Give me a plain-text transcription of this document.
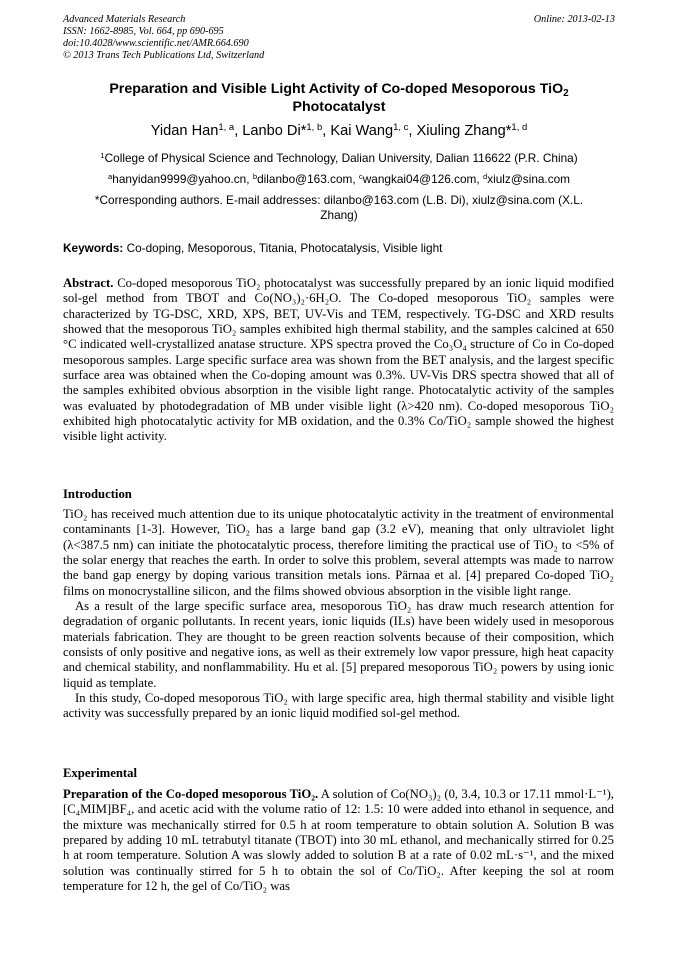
Advanced Materials Research
ISSN: 1662-8985, Vol. 664, pp 690-695
doi:10.4028/www.scientific.net/AMR.664.690
© 2013 Trans Tech Publications Ltd, Switzerland
Online: 2013-02-13
Preparation and Visible Light Activity of Co-doped Mesoporous TiO$_2$
Photocatalyst
Yidan Han$^{1, a}$, Lanbo Di*$^{1, b}$, Kai Wang$^{1, c}$, Xiuling Zhang*$^{1, d}$
$^1$College of Physical Science and Technology, Dalian University, Dalian 116622 (P.R. China)
$^a$hanyidan9999@yahoo.cn, $^b$dilanbo@163.com, $^c$wangkai04@126.com, $^d$xiulz@sina.com
*Corresponding authors. E-mail addresses: dilanbo@163.com (L.B. Di), xiulz@sina.com (X.L. Zhang)
Keywords: Co-doping, Mesoporous, Titania, Photocatalysis, Visible light

Abstract. Co-doped mesoporous TiO₂ photocatalyst was successfully prepared by an ionic liquid modified sol-gel method from TBOT and Co(NO₃)₂·6H₂O. The Co-doped mesoporous TiO₂ samples were characterized by TG-DSC, XRD, XPS, BET, UV-Vis and TEM, respectively. TG-DSC and XRD results showed that the mesoporous TiO₂ samples exhibited high thermal stability, and the samples calcined at 650 °C indicated well-crystallized anatase structure. XPS spectra proved the Co₃O₄ structure of Co in Co-doped mesoporous samples. Large specific surface area was shown from the BET analysis, and the largest specific surface area was obtained when the Co-doping amount was 0.3%. UV-Vis DRS spectra showed that all of the samples exhibited obvious absorption in the visible light range. Photocatalytic activity of the samples was evaluated by photodegradation of MB under visible light (λ>420 nm). Co-doped mesoporous TiO₂ exhibited high photocatalytic activity for MB oxidation, and the 0.3% Co/TiO₂ sample showed the highest visible light activity.

Introduction

TiO₂ has received much attention due to its unique photocatalytic activity in the treatment of environmental contaminants [1-3]. However, TiO₂ has a large band gap (3.2 eV), meaning that only ultraviolet light (λ<387.5 nm) can initiate the photocatalytic process, therefore limiting the practical use of TiO₂ to <5% of the solar energy that reaches the earth. In order to solve this problem, several attempts was made to narrow the band gap energy by doping various transition metals ions. Pärnaa et al. [4] prepared Co-doped TiO₂ films on monocrystalline silicon, and the films showed obvious absorption in the visible light range.

As a result of the large specific surface area, mesoporous TiO₂ has draw much research attention for degradation of organic pollutants. In recent years, ionic liquids (ILs) have been widely used in mesoporous materials fabrication. They are thought to be green reaction solvents because of their composition, which consists of only positive and negative ions, as well as their extremely low vapor pressure, high heat capacity and chemical stability, and nonflammability. Hu et al. [5] prepared mesoporous TiO₂ powers by using ionic liquid as template.

In this study, Co-doped mesoporous TiO₂ with large specific area, high thermal stability and visible light activity was successfully prepared by an ionic liquid modified sol-gel method.

Experimental

Preparation of the Co-doped mesoporous TiO₂. A solution of Co(NO₃)₂ (0, 3.4, 10.3 or 17.11 mmol·L⁻¹), [C₄MIM]BF₄, and acetic acid with the volume ratio of 12: 1.5: 10 were added into ethanol in sequence, and the mixture was mechanically stirred for 0.5 h at room temperature to obtain solution A. Solution B was prepared by adding 10 mL tetrabutyl titanate (TBOT) into 30 mL ethanol, and mechanically stirred for 0.25 h at room temperature. Solution A was slowly added to solution B at a rate of 0.02 mL·s⁻¹, and the mixed solution was continually stirred for 5 h to obtain the sol of Co/TiO₂. After keeping the sol at room temperature for 12 h, the gel of Co/TiO₂ was
